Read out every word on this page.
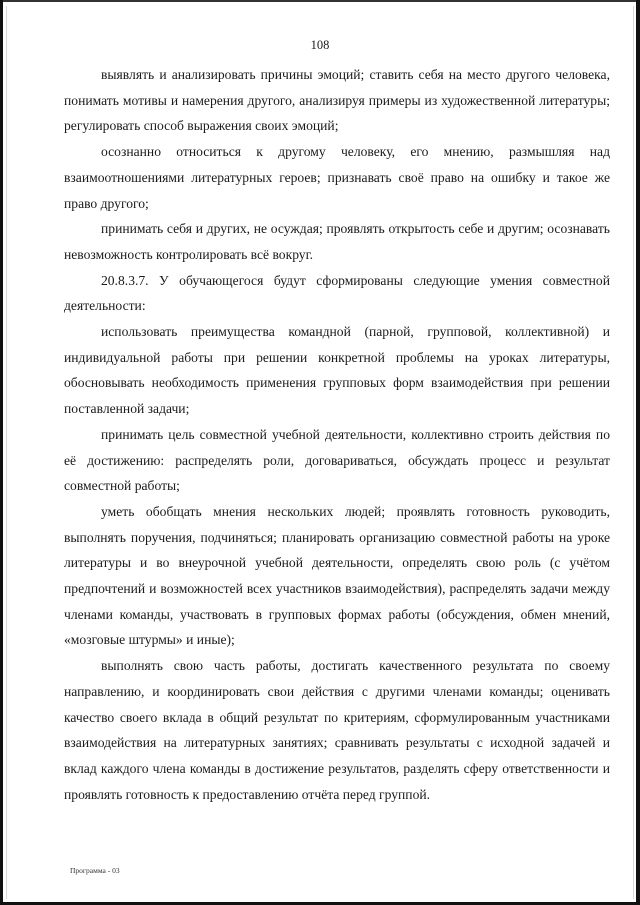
108

выявлять и анализировать причины эмоций; ставить себя на место другого человека, понимать мотивы и намерения другого, анализируя примеры из художественной литературы; регулировать способ выражения своих эмоций;

осознанно относиться к другому человеку, его мнению, размышляя над взаимоотношениями литературных героев; признавать своё право на ошибку и такое же право другого;

принимать себя и других, не осуждая; проявлять открытость себе и другим; осознавать невозможность контролировать всё вокруг.

20.8.3.7. У обучающегося будут сформированы следующие умения совместной деятельности:

использовать преимущества командной (парной, групповой, коллективной) и индивидуальной работы при решении конкретной проблемы на уроках литературы, обосновывать необходимость применения групповых форм взаимодействия при решении поставленной задачи;

принимать цель совместной учебной деятельности, коллективно строить действия по её достижению: распределять роли, договариваться, обсуждать процесс и результат совместной работы;

уметь обобщать мнения нескольких людей; проявлять готовность руководить, выполнять поручения, подчиняться; планировать организацию совместной работы на уроке литературы и во внеурочной учебной деятельности, определять свою роль (с учётом предпочтений и возможностей всех участников взаимодействия), распределять задачи между членами команды, участвовать в групповых формах работы (обсуждения, обмен мнений, «мозговые штурмы» и иные);

выполнять свою часть работы, достигать качественного результата по своему направлению, и координировать свои действия с другими членами команды; оценивать качество своего вклада в общий результат по критериям, сформулированным участниками взаимодействия на литературных занятиях; сравнивать результаты с исходной задачей и вклад каждого члена команды в достижение результатов, разделять сферу ответственности и проявлять готовность к предоставлению отчёта перед группой.

Программа - 03
